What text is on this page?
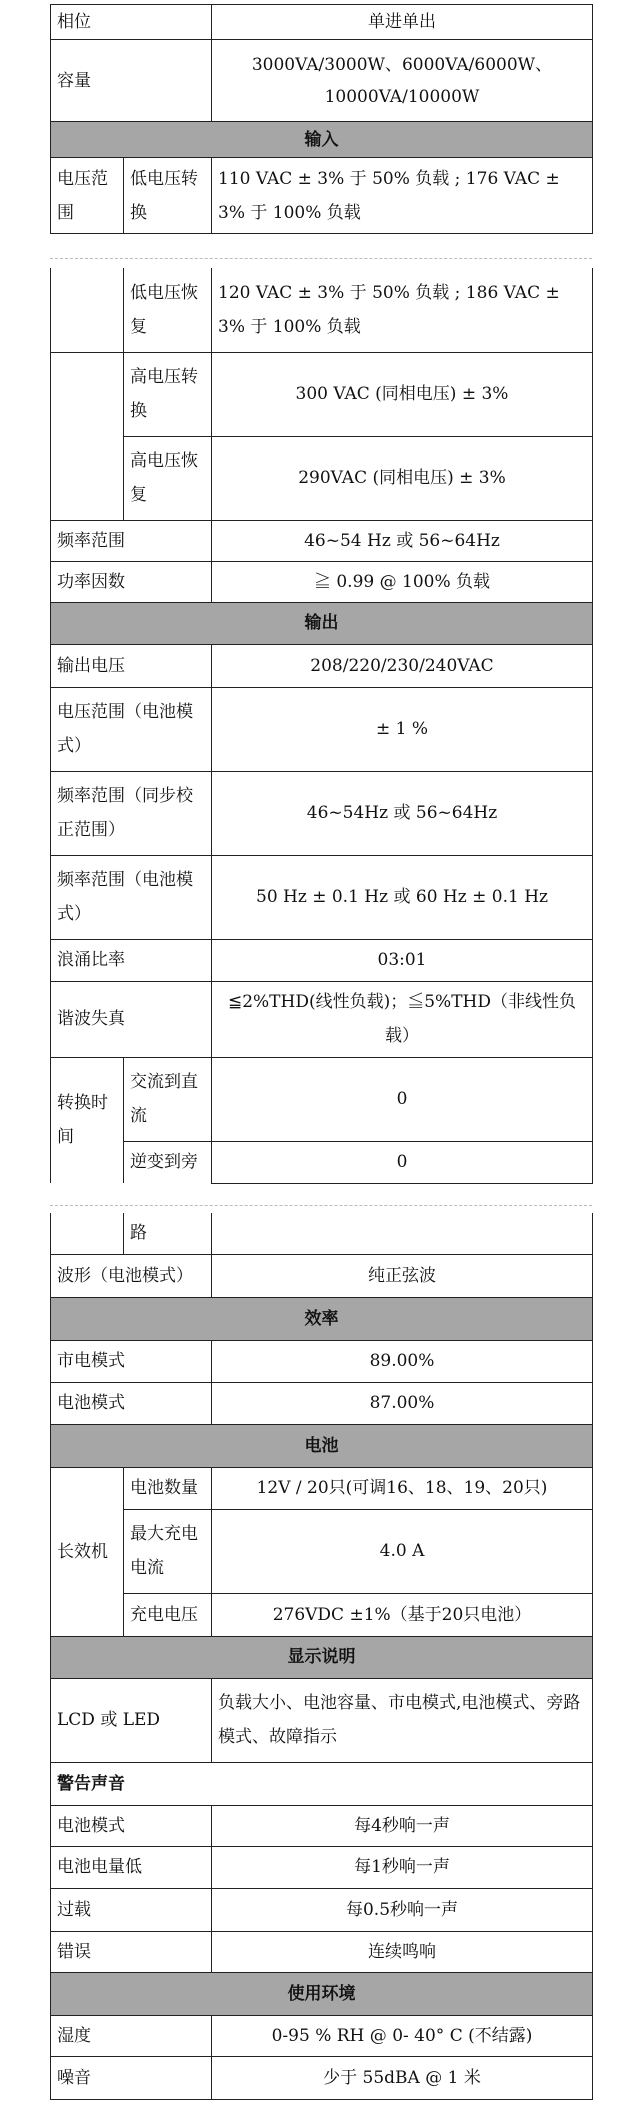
相位		单进单出
容量		3000VA/3000W、6000VA/6000W、10000VA/10000W
输入		
电压范围	低电压转换	110 VAC ± 3% 于 50% 负载 ; 176 VAC ± 3% 于 100% 负载
	低电压恢复	120 VAC ± 3% 于 50% 负载 ; 186 VAC ± 3% 于 100% 负载
	高电压转换	300 VAC (同相电压) ± 3%
	高电压恢复	290VAC (同相电压) ± 3%
频率范围		46~54 Hz 或 56~64Hz
功率因数		≧ 0.99 @ 100% 负载
输出		
输出电压		208/220/230/240VAC
电压范围（电池模式）		± 1 %
频率范围（同步校正范围）		46~54Hz 或 56~64Hz
频率范围（电池模式）		50 Hz ± 0.1 Hz 或 60 Hz ± 0.1 Hz
浪涌比率		03:01
谐波失真		≦2%THD(线性负载)；≦5%THD（非线性负载）
转换时间	交流到直流	0
	逆变到旁	0
	路	
波形（电池模式）		纯正弦波
效率		
市电模式		89.00%
电池模式		87.00%
电池		
长效机	电池数量	12V / 20只(可调16、18、19、20只)
	最大充电电流	4.0 A
	充电电压	276VDC ±1%（基于20只电池）
显示说明		
LCD 或 LED		负载大小、电池容量、市电模式,电池模式、旁路模式、故障指示
警告声音		
电池模式		每4秒响一声
电池电量低		每1秒响一声
过载		每0.5秒响一声
错误		连续鸣响
使用环境		
湿度		0-95 % RH @ 0- 40° C (不结露)
噪音		少于 55dBA @ 1 米
